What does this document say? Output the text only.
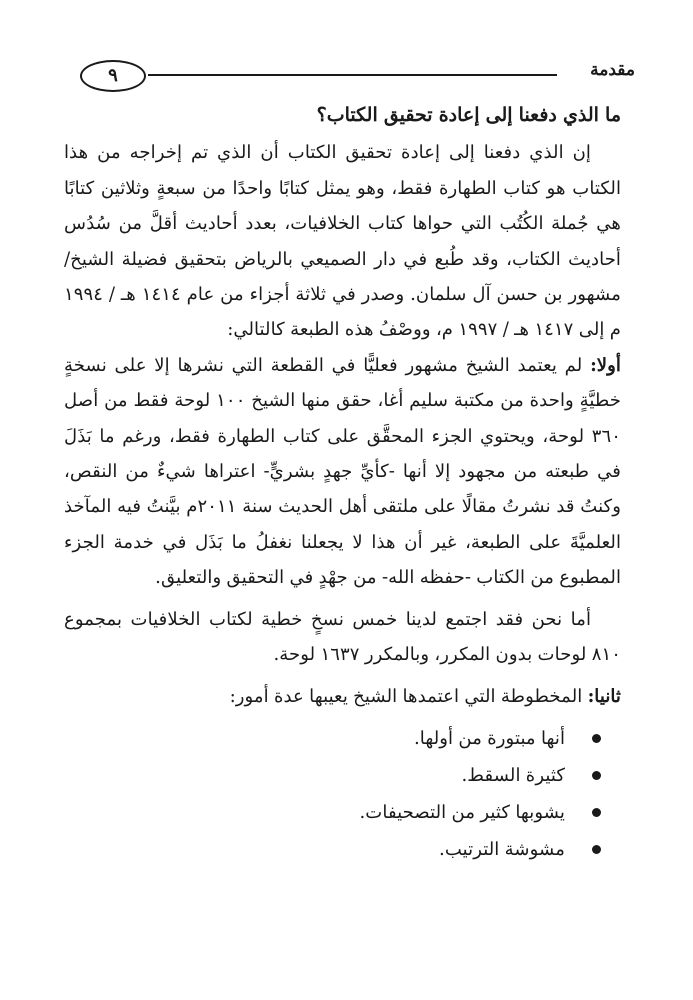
٩	مقدمة

ما الذي دفعنا إلى إعادة تحقيق الكتاب؟

إن الذي دفعنا إلى إعادة تحقيق الكتاب أن الذي تم إخراجه من هذا الكتاب هو كتاب الطهارة فقط، وهو يمثل كتابًا واحدًا من سبعةٍ وثلاثين كتابًا هي جُملة الكُتُب التي حواها كتاب الخلافيات، بعدد أحاديث أقلَّ من سُدُس أحاديث الكتاب، وقد طُبع في دار الصميعي بالرياض بتحقيق فضيلة الشيخ/ مشهور بن حسن آل سلمان. وصدر في ثلاثة أجزاء من عام ١٤١٤ هـ / ١٩٩٤ م إلى ١٤١٧ هـ / ١٩٩٧ م، ووصْفُ هذه الطبعة كالتالي:

أولا: لم يعتمد الشيخ مشهور فعليًّا في القطعة التي نشرها إلا على نسخةٍ خطيَّةٍ واحدة من مكتبة سليم أغا، حقق منها الشيخ ١٠٠ لوحة فقط من أصل ٣٦٠ لوحة، ويحتوي الجزء المحقَّق على كتاب الطهارة فقط، ورغم ما بَذَلَ في طبعته من مجهود إلا أنها -كأيِّ جهدٍ بشريٍّ- اعتراها شيءٌ من النقص، وكنتُ قد نشرتُ مقالًا على ملتقى أهل الحديث سنة ٢٠١١م بيَّنتُ فيه المآخذ العلميَّةَ على الطبعة، غير أن هذا لا يجعلنا نغفلُ ما بَذَل في خدمة الجزء المطبوع من الكتاب -حفظه الله- من جهْدٍ في التحقيق والتعليق.

أما نحن فقد اجتمع لدينا خمس نسخٍ خطية لكتاب الخلافيات بمجموع ٨١٠ لوحات بدون المكرر، وبالمكرر ١٦٣٧ لوحة.

ثانيا: المخطوطة التي اعتمدها الشيخ يعيبها عدة أمور:

أنها مبتورة من أولها.
كثيرة السقط.
يشوبها كثير من التصحيفات.
مشوشة الترتيب.
